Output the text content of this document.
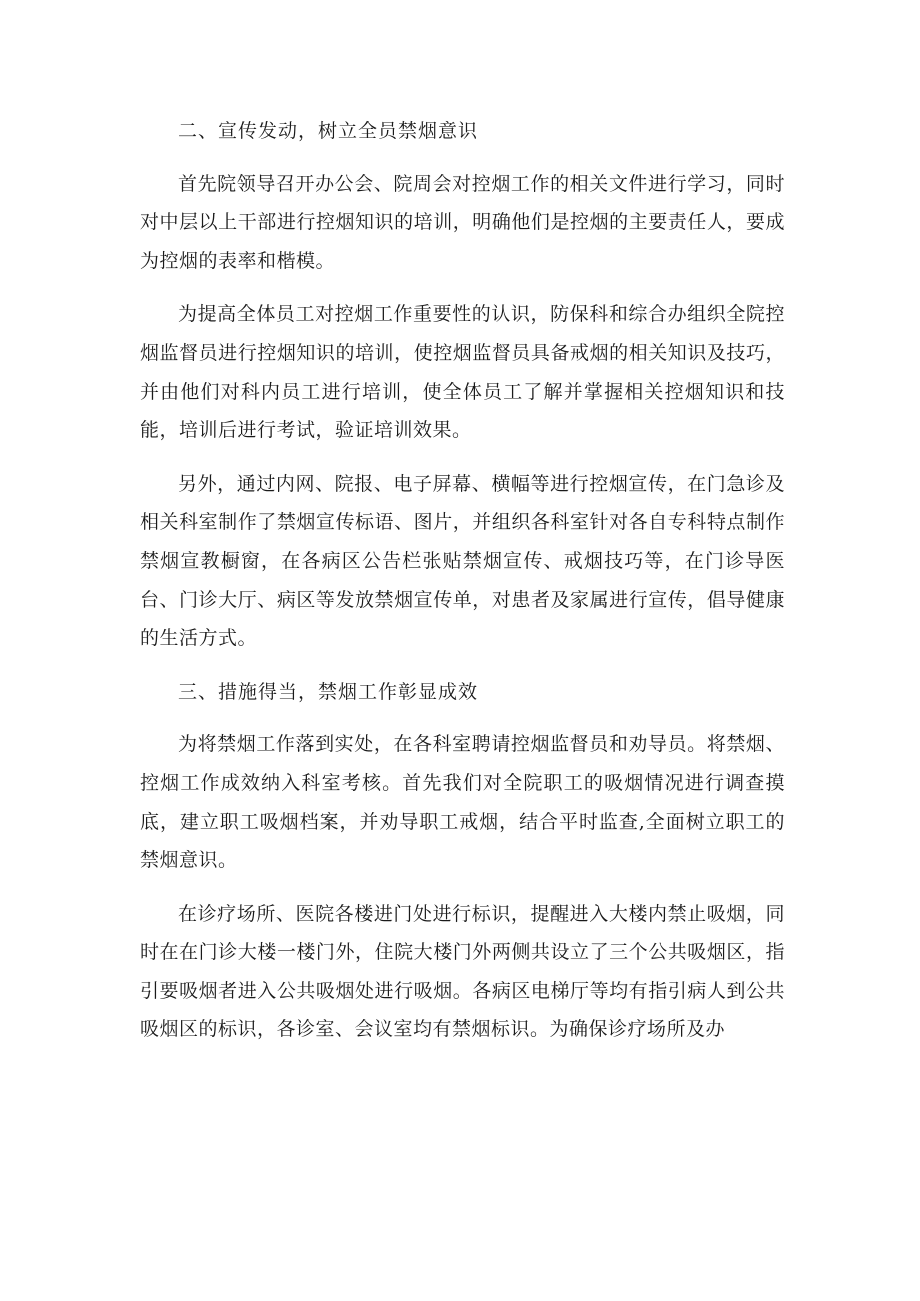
二、宣传发动，树立全员禁烟意识

首先院领导召开办公会、院周会对控烟工作的相关文件进行学习，同时对中层以上干部进行控烟知识的培训，明确他们是控烟的主要责任人，要成为控烟的表率和楷模。

为提高全体员工对控烟工作重要性的认识，防保科和综合办组织全院控烟监督员进行控烟知识的培训，使控烟监督员具备戒烟的相关知识及技巧，并由他们对科内员工进行培训，使全体员工了解并掌握相关控烟知识和技能，培训后进行考试，验证培训效果。

另外，通过内网、院报、电子屏幕、横幅等进行控烟宣传，在门急诊及相关科室制作了禁烟宣传标语、图片，并组织各科室针对各自专科特点制作禁烟宣教橱窗，在各病区公告栏张贴禁烟宣传、戒烟技巧等，在门诊导医台、门诊大厅、病区等发放禁烟宣传单，对患者及家属进行宣传，倡导健康的生活方式。

三、措施得当，禁烟工作彰显成效

为将禁烟工作落到实处，在各科室聘请控烟监督员和劝导员。将禁烟、控烟工作成效纳入科室考核。首先我们对全院职工的吸烟情况进行调查摸底，建立职工吸烟档案，并劝导职工戒烟，结合平时监查,全面树立职工的禁烟意识。

在诊疗场所、医院各楼进门处进行标识，提醒进入大楼内禁止吸烟，同时在在门诊大楼一楼门外，住院大楼门外两侧共设立了三个公共吸烟区，指引要吸烟者进入公共吸烟处进行吸烟。各病区电梯厅等均有指引病人到公共吸烟区的标识，各诊室、会议室均有禁烟标识。为确保诊疗场所及办
